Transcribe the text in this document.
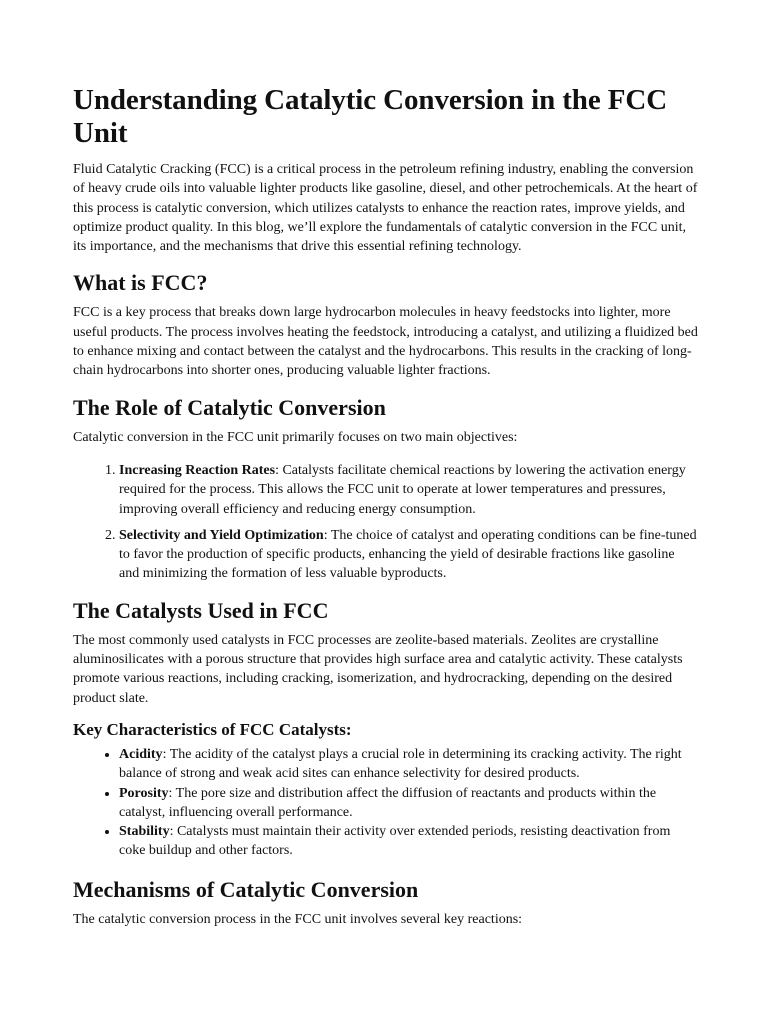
Understanding Catalytic Conversion in the FCC Unit

Fluid Catalytic Cracking (FCC) is a critical process in the petroleum refining industry, enabling the conversion of heavy crude oils into valuable lighter products like gasoline, diesel, and other petrochemicals. At the heart of this process is catalytic conversion, which utilizes catalysts to enhance the reaction rates, improve yields, and optimize product quality. In this blog, we’ll explore the fundamentals of catalytic conversion in the FCC unit, its importance, and the mechanisms that drive this essential refining technology.

What is FCC?

FCC is a key process that breaks down large hydrocarbon molecules in heavy feedstocks into lighter, more useful products. The process involves heating the feedstock, introducing a catalyst, and utilizing a fluidized bed to enhance mixing and contact between the catalyst and the hydrocarbons. This results in the cracking of long-chain hydrocarbons into shorter ones, producing valuable lighter fractions.

The Role of Catalytic Conversion

Catalytic conversion in the FCC unit primarily focuses on two main objectives:

1. Increasing Reaction Rates: Catalysts facilitate chemical reactions by lowering the activation energy required for the process. This allows the FCC unit to operate at lower temperatures and pressures, improving overall efficiency and reducing energy consumption.
2. Selectivity and Yield Optimization: The choice of catalyst and operating conditions can be fine-tuned to favor the production of specific products, enhancing the yield of desirable fractions like gasoline and minimizing the formation of less valuable byproducts.
The Catalysts Used in FCC

The most commonly used catalysts in FCC processes are zeolite-based materials. Zeolites are crystalline aluminosilicates with a porous structure that provides high surface area and catalytic activity. These catalysts promote various reactions, including cracking, isomerization, and hydrocracking, depending on the desired product slate.

Key Characteristics of FCC Catalysts:
• Acidity: The acidity of the catalyst plays a crucial role in determining its cracking activity. The right balance of strong and weak acid sites can enhance selectivity for desired products.
• Porosity: The pore size and distribution affect the diffusion of reactants and products within the catalyst, influencing overall performance.
• Stability: Catalysts must maintain their activity over extended periods, resisting deactivation from coke buildup and other factors.
Mechanisms of Catalytic Conversion

The catalytic conversion process in the FCC unit involves several key reactions:
